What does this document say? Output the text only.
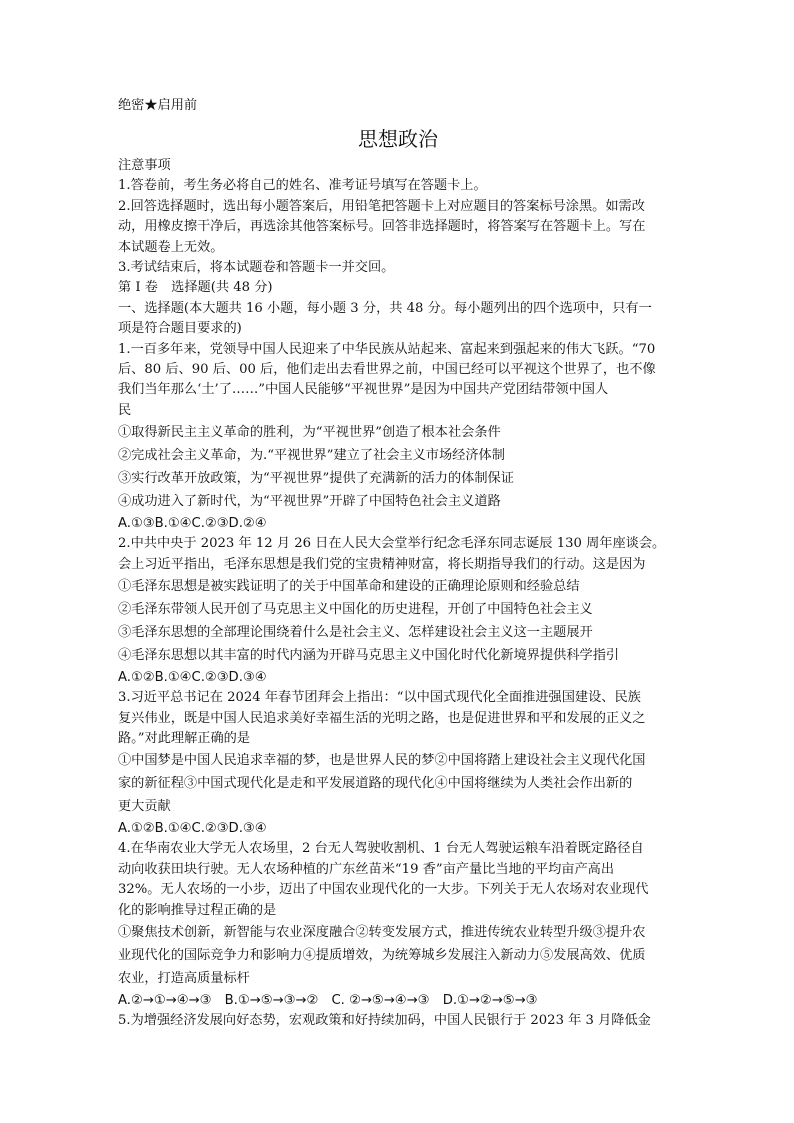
绝密★启用前
思想政治
注意事项
1.答卷前，考生务必将自己的姓名、准考证号填写在答题卡上。
2.回答选择题时，选出每小题答案后，用铅笔把答题卡上对应题目的答案标号涂黑。如需改
动，用橡皮擦干净后，再选涂其他答案标号。回答非选择题时，将答案写在答题卡上。写在
本试题卷上无效。
3.考试结束后，将本试题卷和答题卡一并交回。
第 I 卷　选择题(共 48 分)
一、选择题(本大题共 16 小题，每小题 3 分，共 48 分。每小题列出的四个选项中，只有一
项是符合题目要求的)
1.一百多年来，党领导中国人民迎来了中华民族从站起来、富起来到强起来的伟大飞跃。“70
后、80 后、90 后、00 后，他们走出去看世界之前，中国已经可以平视这个世界了，也不像
我们当年那么‘土’了……”中国人民能够“平视世界”是因为中国共产党团结带领中国人
民
①取得新民主主义革命的胜利，为“平视世界”创造了根本社会条件
②完成社会主义革命，为.“平视世界”建立了社会主义市场经济体制
③实行改革开放政策，为“平视世界”提供了充满新的活力的体制保证
④成功进入了新时代，为“平视世界”开辟了中国特色社会主义道路
A.①③B.①④C.②③D.②④
2.中共中央于 2023 年 12 月 26 日在人民大会堂举行纪念毛泽东同志诞辰 130 周年座谈会。
会上习近平指出，毛泽东思想是我们党的宝贵精神财富，将长期指导我们的行动。这是因为
①毛泽东思想是被实践证明了的关于中国革命和建设的正确理论原则和经验总结
②毛泽东带领人民开创了马克思主义中国化的历史进程，开创了中国特色社会主义
③毛泽东思想的全部理论围绕着什么是社会主义、怎样建设社会主义这一主题展开
④毛泽东思想以其丰富的时代内涵为开辟马克思主义中国化时代化新境界提供科学指引
A.①②B.①④C.②③D.③④
3.习近平总书记在 2024 年春节团拜会上指出：“以中国式现代化全面推进强国建设、民族
复兴伟业，既是中国人民追求美好幸福生活的光明之路，也是促进世界和平和发展的正义之
路。”对此理解正确的是
①中国梦是中国人民追求幸福的梦，也是世界人民的梦②中国将踏上建设社会主义现代化国
家的新征程③中国式现代化是走和平发展道路的现代化④中国将继续为人类社会作出新的
更大贡献
A.①②B.①④C.②③D.③④
4.在华南农业大学无人农场里，2 台无人驾驶收割机、1 台无人驾驶运粮车沿着既定路径自
动向收获田块行驶。无人农场种植的广东丝苗米“19 香”亩产量比当地的平均亩产高出
32%。无人农场的一小步，迈出了中国农业现代化的一大步。下列关于无人农场对农业现代
化的影响推导过程正确的是
①聚焦技术创新，新智能与农业深度融合②转变发展方式，推进传统农业转型升级③提升农
业现代化的国际竞争力和影响力④提质增效，为统筹城乡发展注入新动力⑤发展高效、优质
农业，打造高质量标杆
A.②→①→④→③　B.①→⑤→③→②　C. ②→⑤→④→③　D.①→②→⑤→③
5.为增强经济发展向好态势，宏观政策和好持续加码，中国人民银行于 2023 年 3 月降低金
